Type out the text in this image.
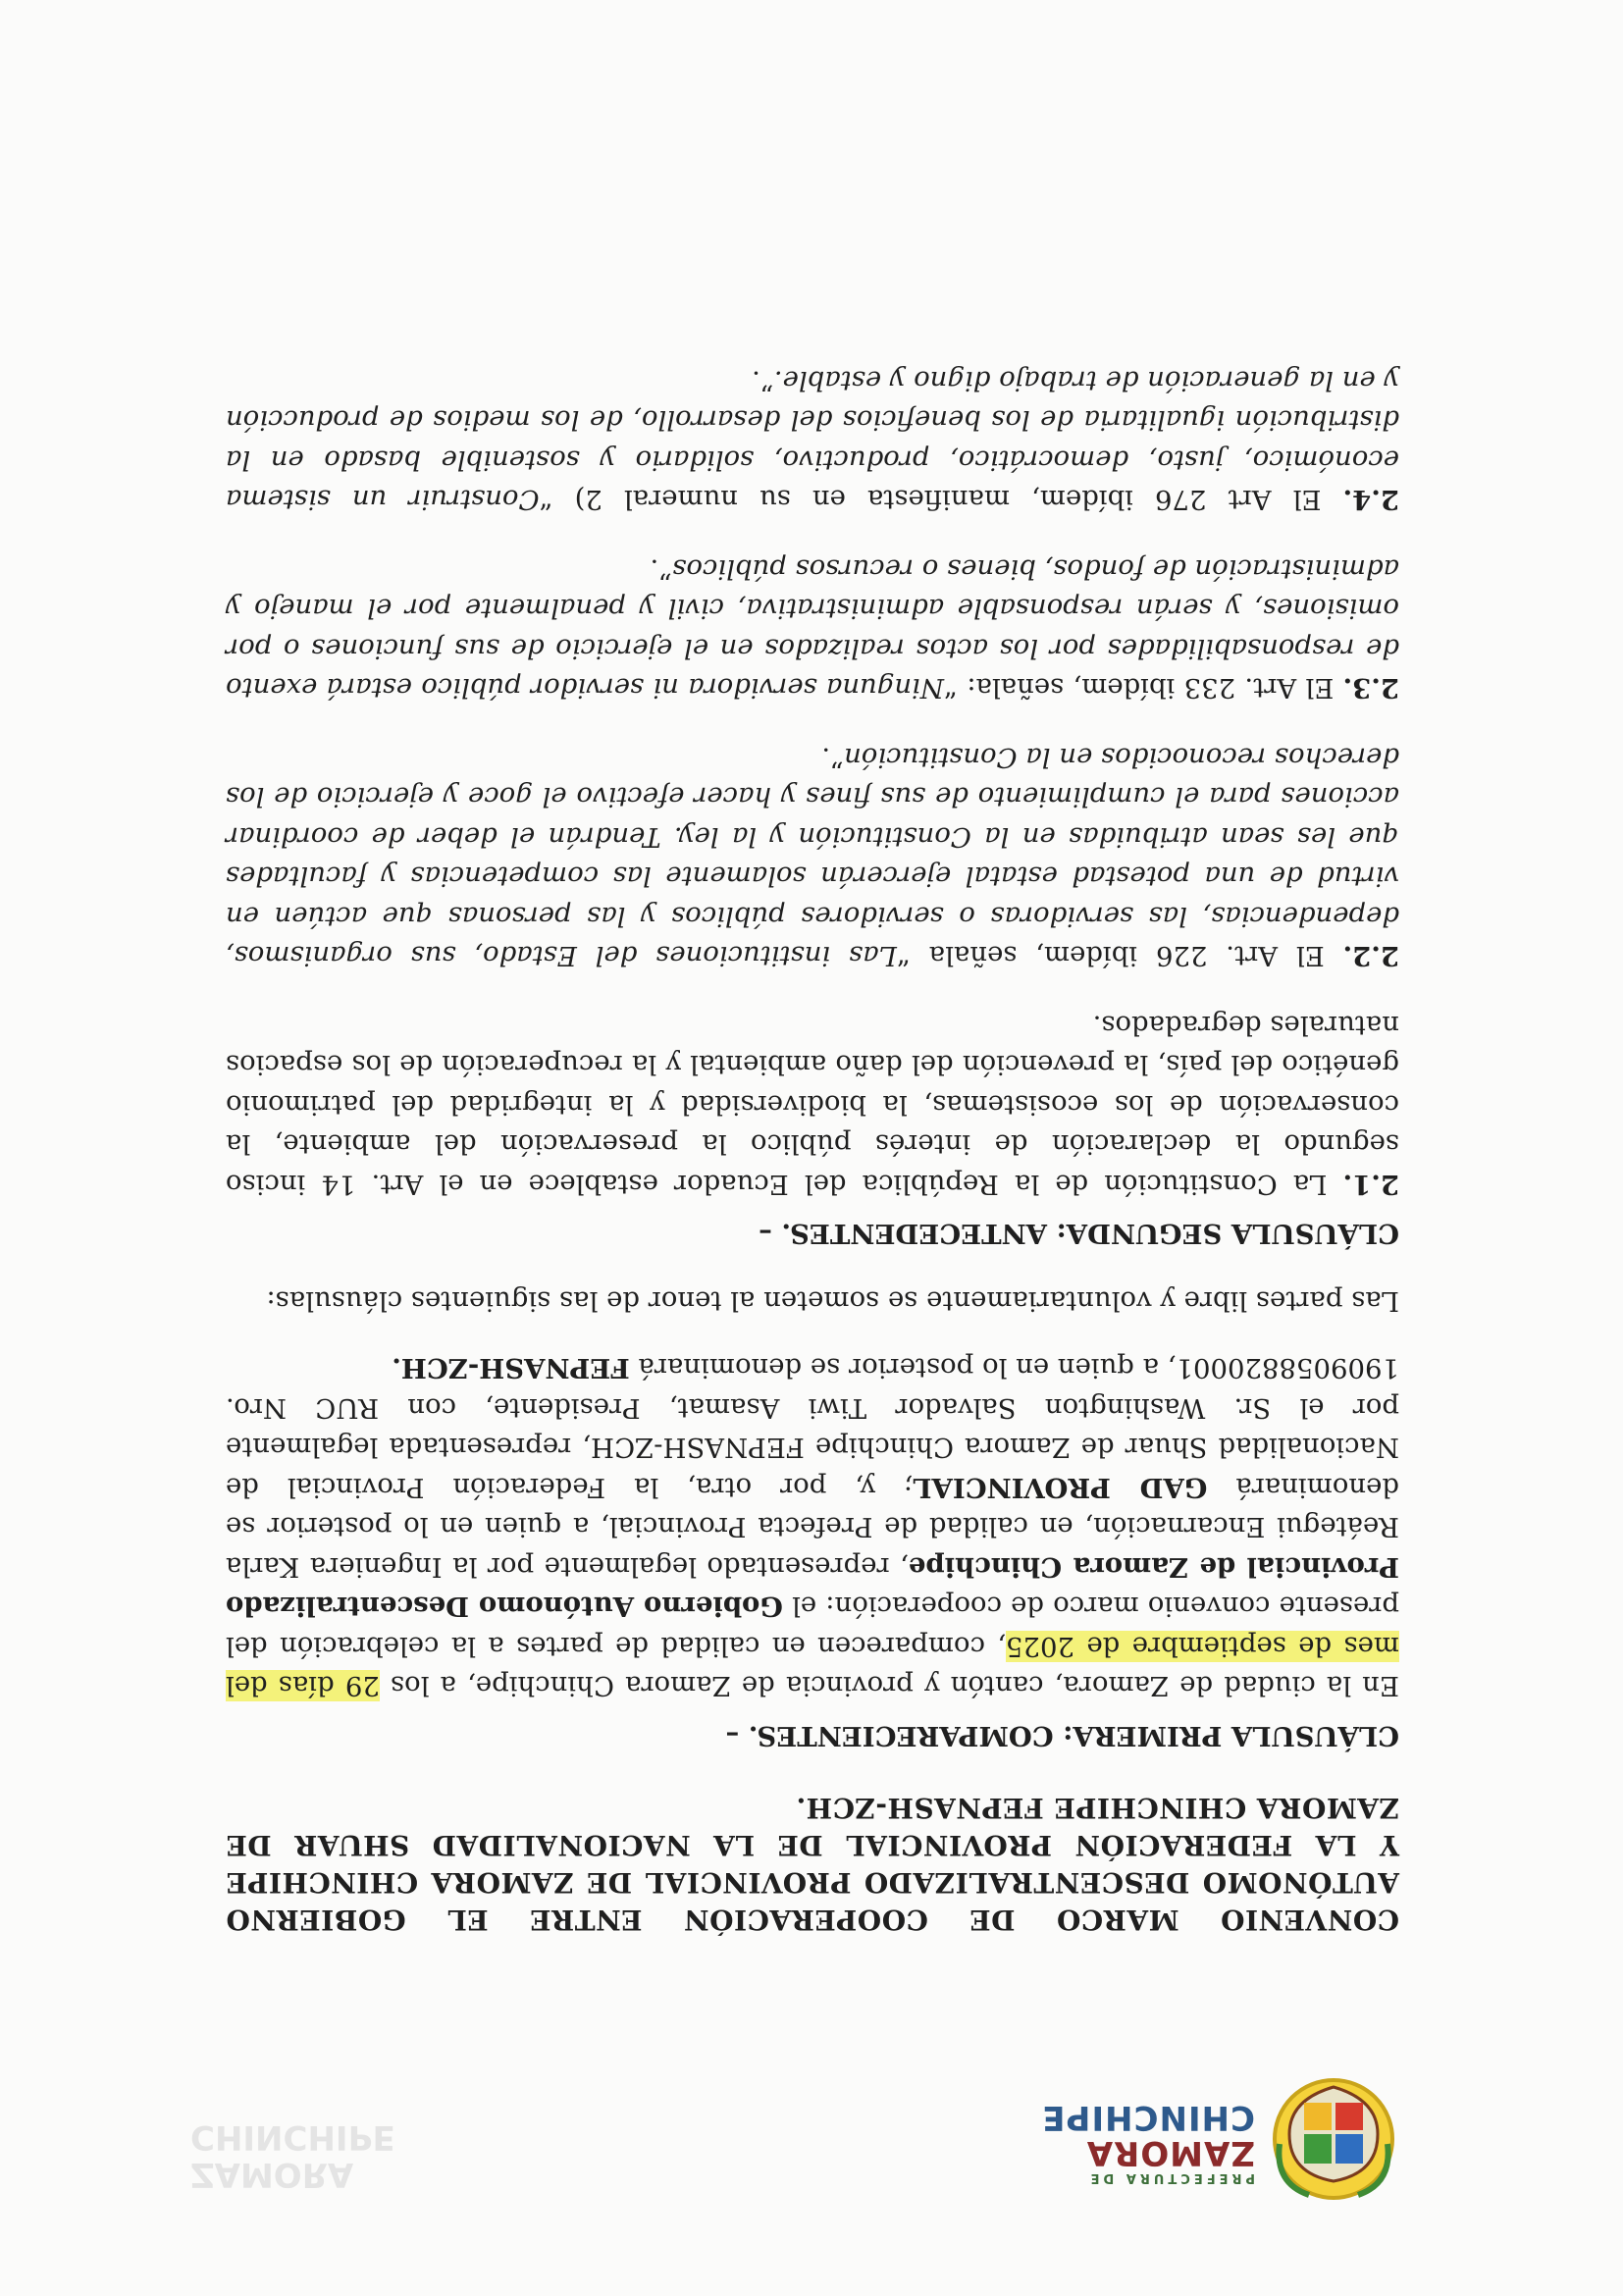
PREFECTURA DE
ZAMORA
CHINCHIPE
ZAMORA
CHINCHIPE
CONVENIO MARCO DE COOPERACIÓN ENTRE EL GOBIERNO AUTÓNOMO DESCENTRALIZADO PROVINCIAL DE ZAMORA CHINCHIPE Y LA FEDERACIÓN PROVINCIAL DE LA NACIONALIDAD SHUAR DE ZAMORA CHINCHIPE FEPNASH-ZCH.
CLÁUSULA PRIMERA: COMPARECIENTES. –
En la ciudad de Zamora, cantón y provincia de Zamora Chinchipe, a los 29 días del mes de septiembre de 2025, comparecen en calidad de partes a la celebración del presente convenio marco de cooperación: el Gobierno Autónomo Descentralizado Provincial de Zamora Chinchipe, representado legalmente por la Ingeniera Karla Reátegui Encarnación, en calidad de Prefecta Provincial, a quien en lo posterior se denominará GAD PROVINCIAL; y, por otra, la Federación Provincial de Nacionalidad Shuar de Zamora Chinchipe FEPNASH-ZCH, representada legalmente por el Sr. Washington Salvador Tiwi Asamat, Presidente, con RUC Nro. 1909058820001, a quien en lo posterior se denominará FEPNASH-ZCH.
Las partes libre y voluntariamente se someten al tenor de las siguientes cláusulas:
CLÁUSULA SEGUNDA: ANTECEDENTES. –
2.1. La Constitución de la República del Ecuador establece en el Art. 14 inciso segundo la declaración de interés público la preservación del ambiente, la conservación de los ecosistemas, la biodiversidad y la integridad del patrimonio genético del país, la prevención del daño ambiental y la recuperación de los espacios naturales degradados.
2.2. El Art. 226 ibídem, señala “Las instituciones del Estado, sus organismos, dependencias, las servidoras o servidores públicos y las personas que actúen en virtud de una potestad estatal ejercerán solamente las competencias y facultades que les sean atribuidas en la Constitución y la ley. Tendrán el deber de coordinar acciones para el cumplimiento de sus fines y hacer efectivo el goce y ejercicio de los derechos reconocidos en la Constitución”.
2.3. El Art. 233 ibídem, señala: “Ninguna servidora ni servidor público estará exento de responsabilidades por los actos realizados en el ejercicio de sus funciones o por omisiones, y serán responsable administrativa, civil y penalmente por el manejo y administración de fondos, bienes o recursos públicos”.
2.4. El Art 276 ibídem, manifiesta en su numeral 2) “Construir un sistema económico, justo, democrático, productivo, solidario y sostenible basado en la distribución igualitaria de los beneficios del desarrollo, de los medios de producción y en la generación de trabajo digno y estable.”.
